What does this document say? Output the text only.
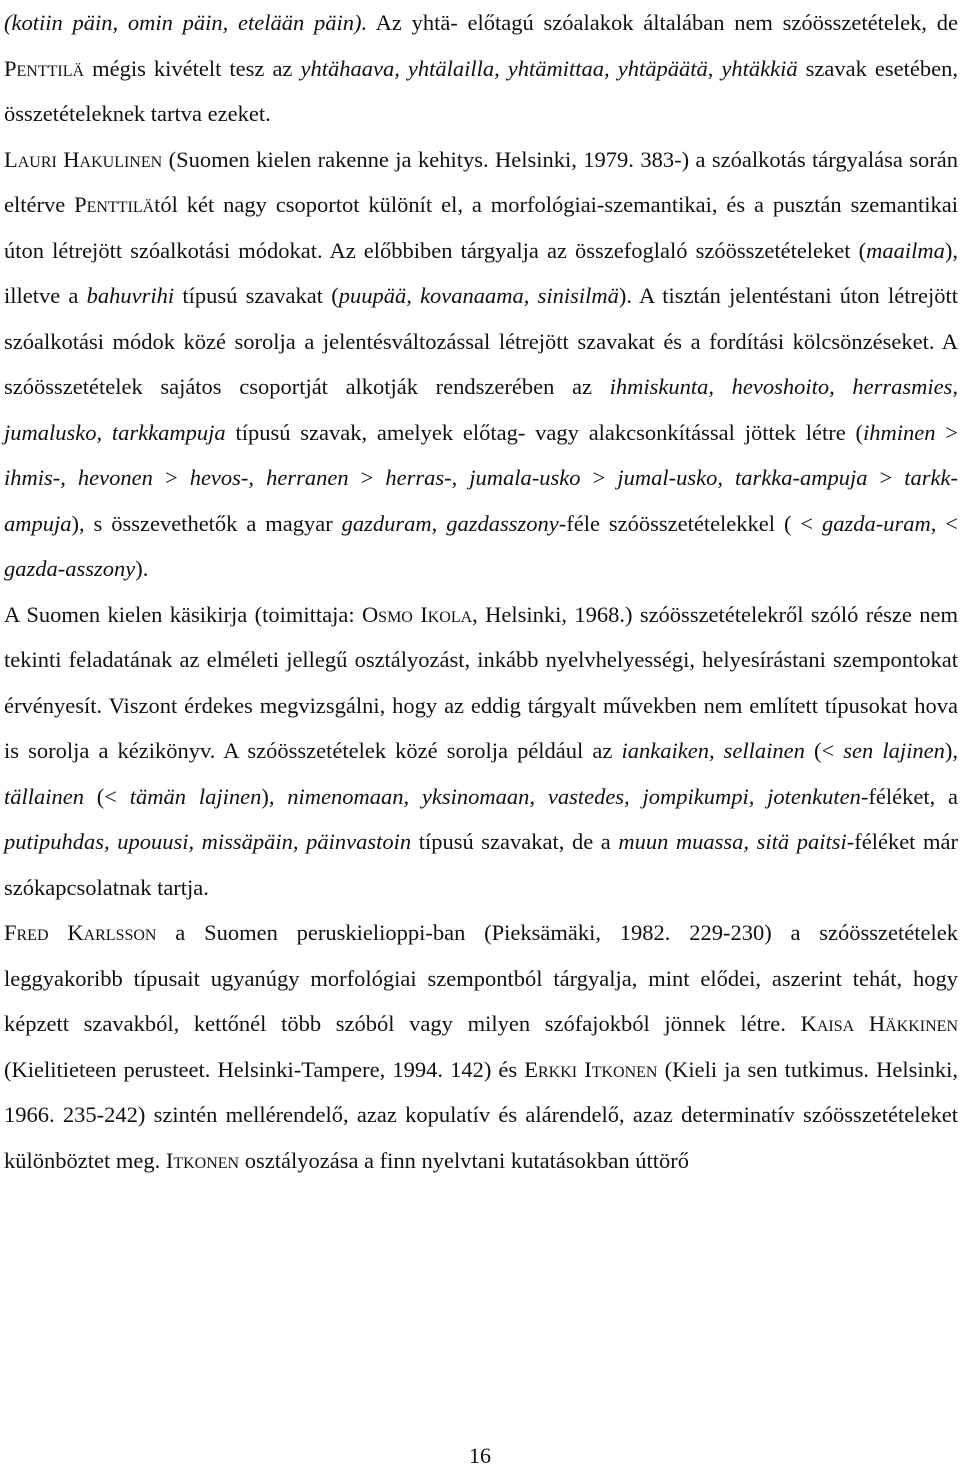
(kotiin päin, omin päin, etelään päin). Az yhtä- előtagú szóalakok általában nem szóösszetételek, de Penttilä mégis kivételt tesz az yhtähaava, yhtälailla, yhtämittaa, yhtäpäätä, yhtäkkiä szavak esetében, összetételeknek tartva ezeket.

Lauri Hakulinen (Suomen kielen rakenne ja kehitys. Helsinki, 1979. 383-) a szóalkotás tárgyalása során eltérve Penttilätól két nagy csoportot különít el, a morfológiai-szemantikai, és a pusztán szemantikai úton létrejött szóalkotási módokat. Az előbbiben tárgyalja az összefoglaló szóösszetételeket (maailma), illetve a bahuvrihi típusú szavakat (puupää, kovanaama, sinisilmä). A tisztán jelentéstani úton létrejött szóalkotási módok közé sorolja a jelentésváltozással létrejött szavakat és a fordítási kölcsönzéseket. A szóösszetételek sajátos csoportját alkotják rendszerében az ihmiskunta, hevoshoito, herrasmies, jumalusko, tarkkampuja típusú szavak, amelyek előtag- vagy alakcsonkítással jöttek létre (ihminen > ihmis-, hevonen > hevos-, herranen > herras-, jumala-usko > jumal-usko, tarkka-ampuja > tarkk-ampuja), s összevethetők a magyar gazduram, gazdasszony-féle szóösszetételekkel ( < gazda-uram, < gazda-asszony).

A Suomen kielen käsikirja (toimittaja: Osmo Ikola, Helsinki, 1968.) szóösszetételekről szóló része nem tekinti feladatának az elméleti jellegű osztályozást, inkább nyelvhelyességi, helyesírástani szempontokat érvényesít. Viszont érdekes megvizsgálni, hogy az eddig tárgyalt művekben nem említett típusokat hova is sorolja a kézikönyv. A szóösszetételek közé sorolja például az iankaiken, sellainen (< sen lajinen), tällainen (< tämän lajinen), nimenomaan, yksinomaan, vastedes, jompikumpi, jotenkuten-féléket, a putipuhdas, upouusi, missäpäin, päinvastoin típusú szavakat, de a muun muassa, sitä paitsi-féléket már szókapcsolatnak tartja.

Fred Karlsson a Suomen peruskielioppi-ban (Pieksämäki, 1982. 229-230) a szóösszetételek leggyakoribb típusait ugyanúgy morfológiai szempontból tárgyalja, mint elődei, aszerint tehát, hogy képzett szavakból, kettőnél több szóból vagy milyen szófajokból jönnek létre. Kaisa Häkkinen (Kielitieteen perusteet. Helsinki-Tampere, 1994. 142) és Erkki Itkonen (Kieli ja sen tutkimus. Helsinki, 1966. 235-242) szintén mellérendelő, azaz kopulatív és alárendelő, azaz determinatív szóösszetételeket különböztet meg. Itkonen osztályozása a finn nyelvtani kutatásokban úttörő

16
